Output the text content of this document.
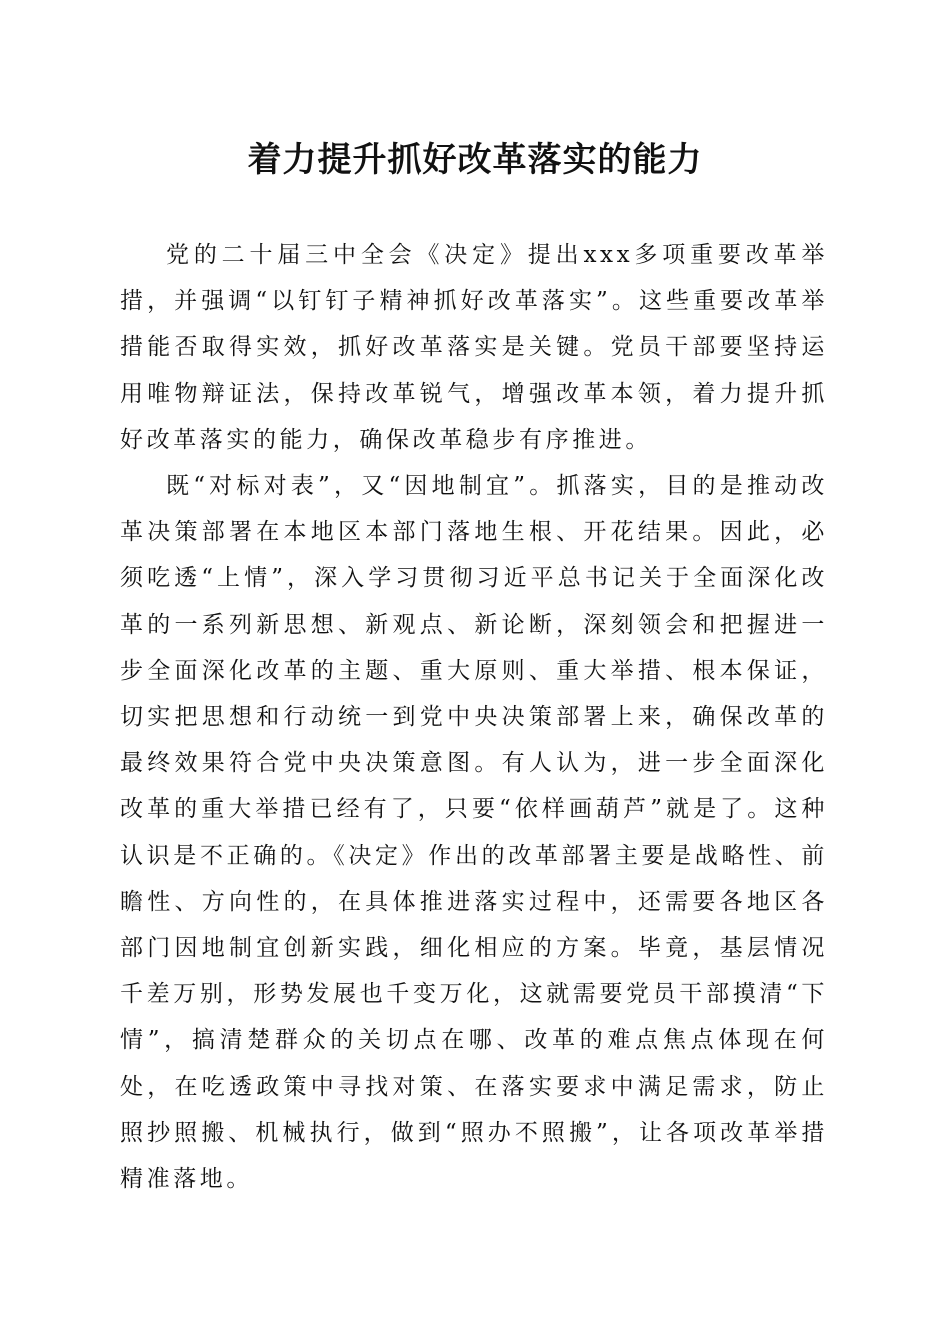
着力提升抓好改革落实的能力

党的二十届三中全会《决定》提出xxx多项重要改革举措，并强调“以钉钉子精神抓好改革落实”。这些重要改革举措能否取得实效，抓好改革落实是关键。党员干部要坚持运用唯物辩证法，保持改革锐气，增强改革本领，着力提升抓好改革落实的能力，确保改革稳步有序推进。

既“对标对表”，又“因地制宜”。抓落实，目的是推动改革决策部署在本地区本部门落地生根、开花结果。因此，必须吃透“上情”，深入学习贯彻习近平总书记关于全面深化改革的一系列新思想、新观点、新论断，深刻领会和把握进一步全面深化改革的主题、重大原则、重大举措、根本保证，切实把思想和行动统一到党中央决策部署上来，确保改革的最终效果符合党中央决策意图。有人认为，进一步全面深化改革的重大举措已经有了，只要“依样画葫芦”就是了。这种认识是不正确的。《决定》作出的改革部署主要是战略性、前瞻性、方向性的，在具体推进落实过程中，还需要各地区各部门因地制宜创新实践，细化相应的方案。毕竟，基层情况千差万别，形势发展也千变万化，这就需要党员干部摸清“下情”，搞清楚群众的关切点在哪、改革的难点焦点体现在何处，在吃透政策中寻找对策、在落实要求中满足需求，防止照抄照搬、机械执行，做到“照办不照搬”，让各项改革举措精准落地。
